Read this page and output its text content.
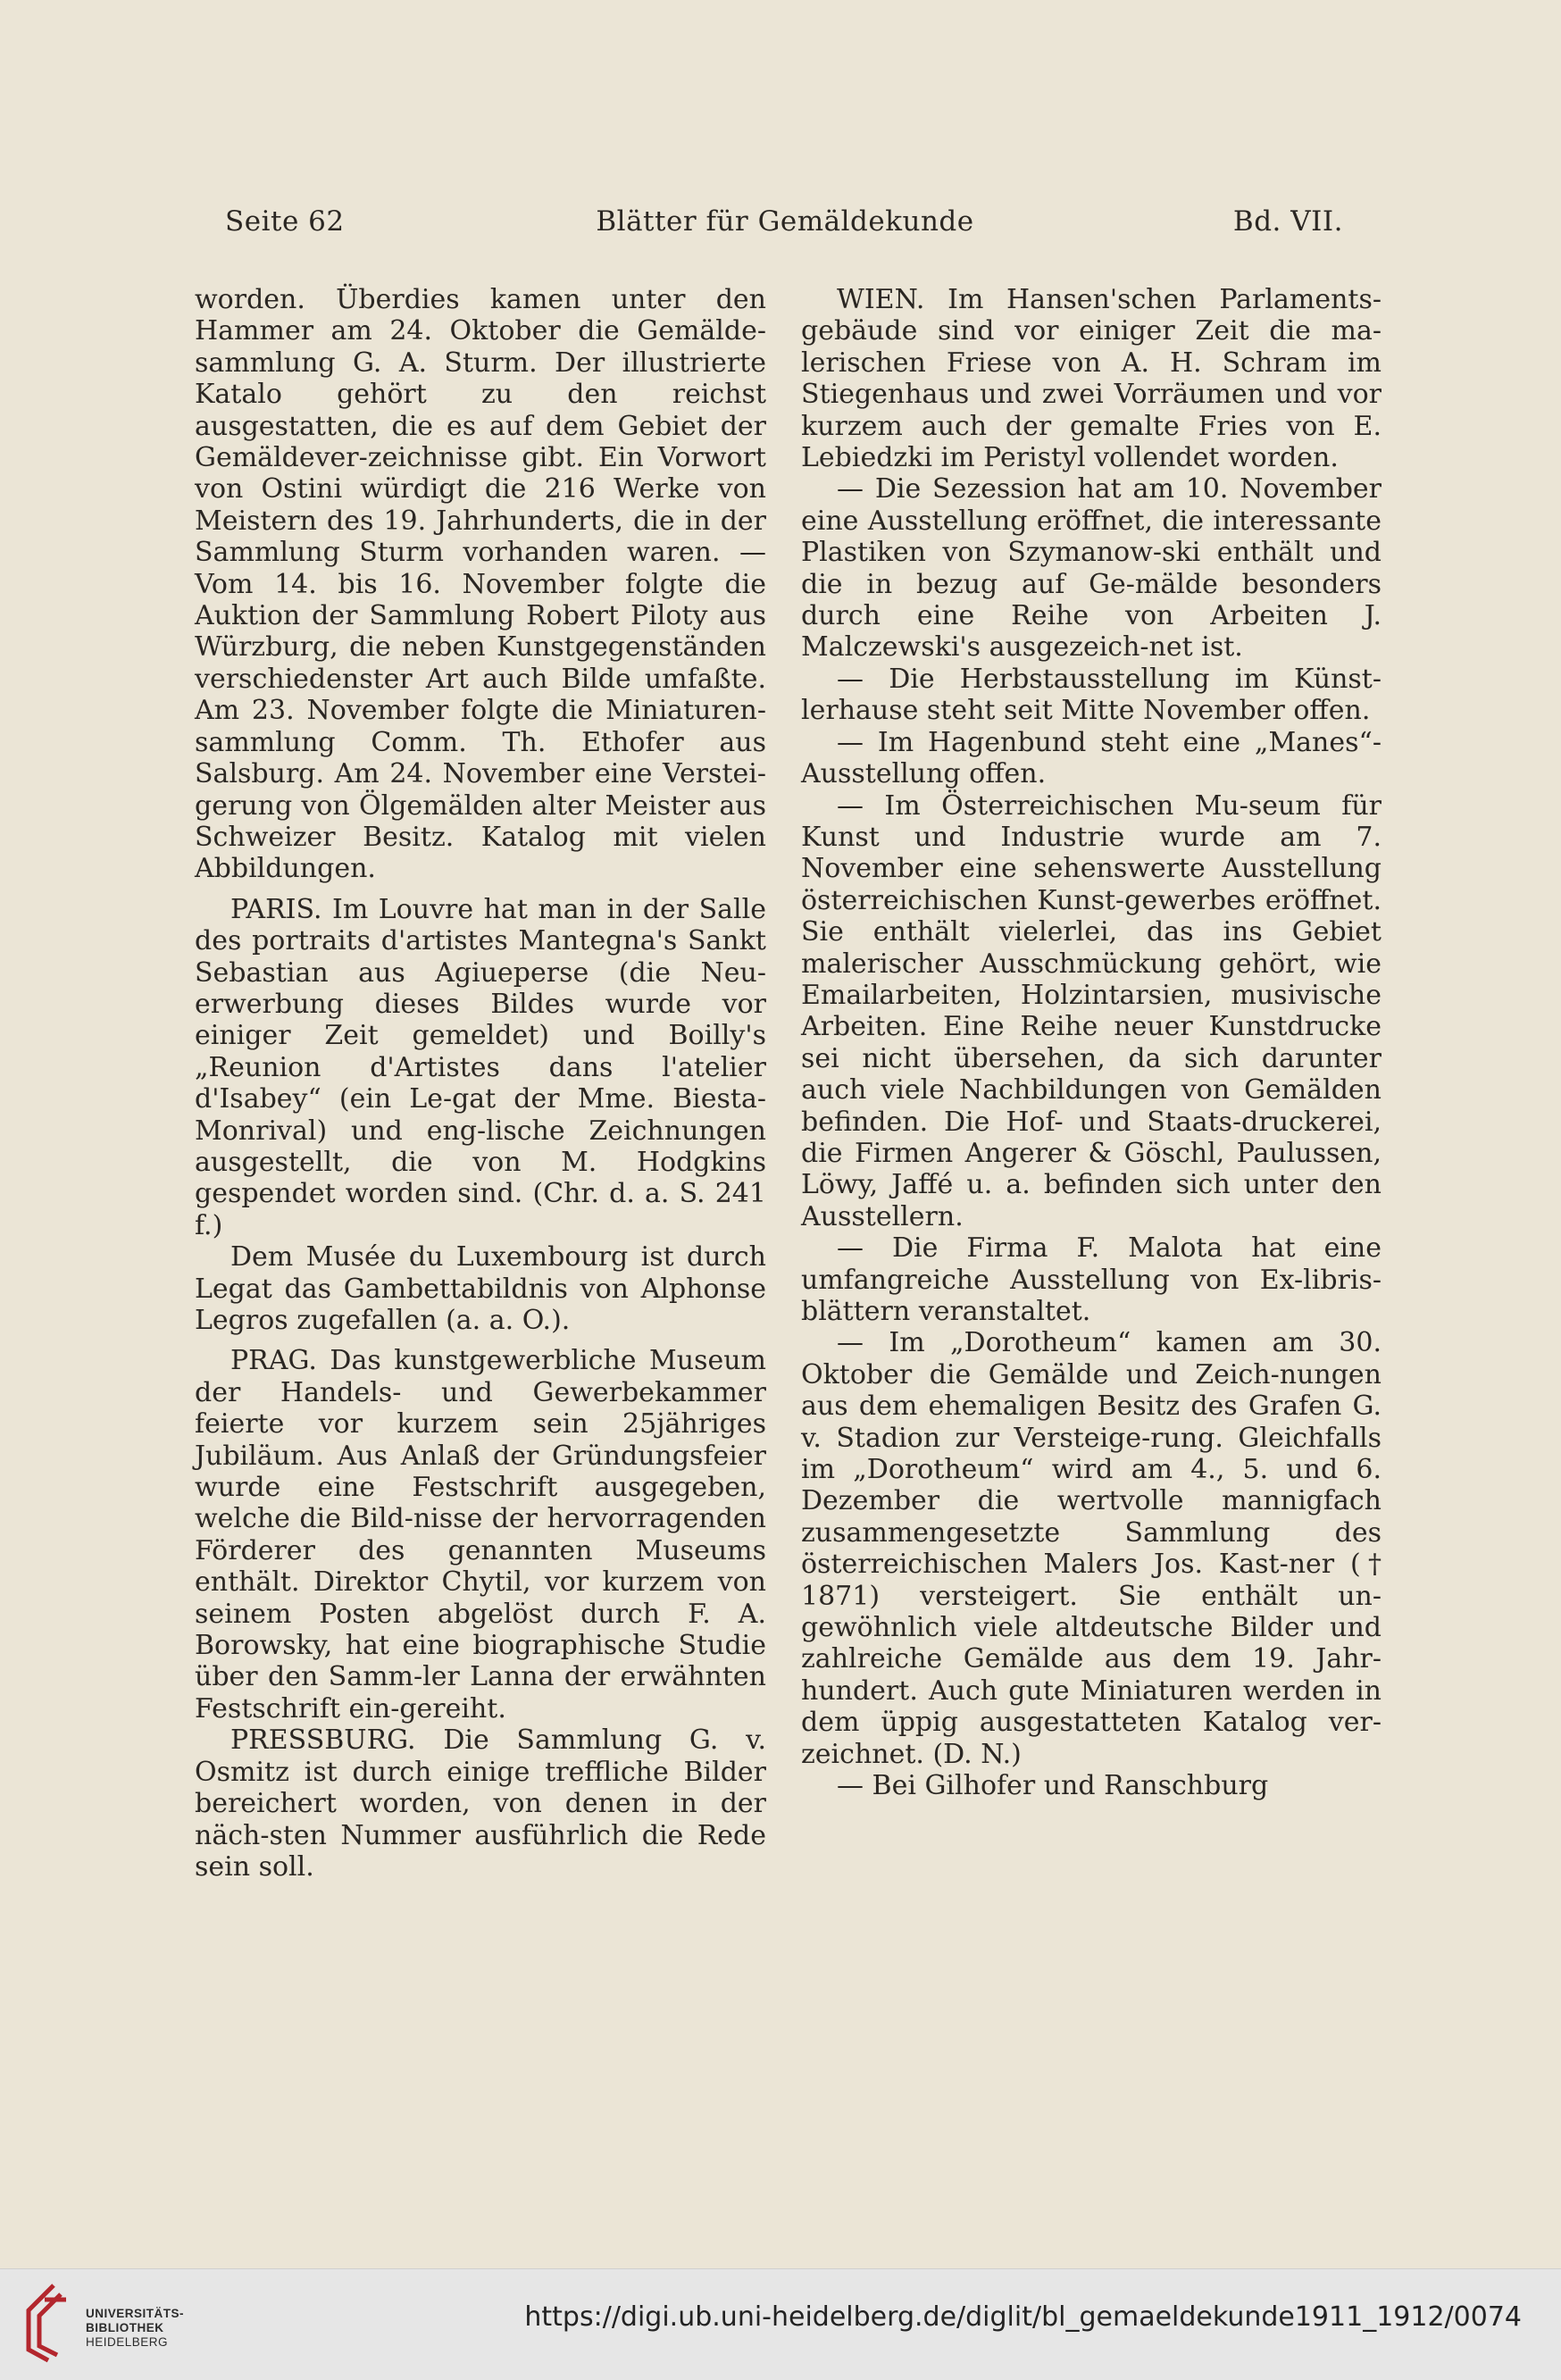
Seite 62	Blätter für Gemäldekunde	Bd. VII.

worden. Überdies kamen unter den Hammer am 24. Oktober die Gemälde-sammlung G. A. Sturm. Der illustrierte Katalo gehört zu den reichst ausgestatten, die es auf dem Gebiet der Gemäldever-zeichnisse gibt. Ein Vorwort von Ostini würdigt die 216 Werke von Meistern des 19. Jahrhunderts, die in der Sammlung Sturm vorhanden waren. — Vom 14. bis 16. November folgte die Auktion der Sammlung Robert Piloty aus Würzburg, die neben Kunstgegenständen verschiedenster Art auch Bilde umfaßte. Am 23. November folgte die Miniaturen-sammlung Comm. Th. Ethofer aus Salsburg. Am 24. November eine Verstei-gerung von Ölgemälden alter Meister aus Schweizer Besitz. Katalog mit vielen Abbildungen.

PARIS. Im Louvre hat man in der Salle des portraits d'artistes Mantegna's Sankt Sebastian aus Agiueperse (die Neu-erwerbung dieses Bildes wurde vor einiger Zeit gemeldet) und Boilly's „Reunion d'Artistes dans l'atelier d'Isabey“ (ein Le-gat der Mme. Biesta-Monrival) und eng-lische Zeichnungen ausgestellt, die von M. Hodgkins gespendet worden sind. (Chr. d. a. S. 241 f.)

Dem Musée du Luxembourg ist durch Legat das Gambettabildnis von Alphonse Legros zugefallen (a. a. O.).

PRAG. Das kunstgewerbliche Museum der Handels- und Gewerbekammer feierte vor kurzem sein 25jähriges Jubiläum. Aus Anlaß der Gründungsfeier wurde eine Festschrift ausgegeben, welche die Bild-nisse der hervorragenden Förderer des genannten Museums enthält. Direktor Chytil, vor kurzem von seinem Posten abgelöst durch F. A. Borowsky, hat eine biographische Studie über den Samm-ler Lanna der erwähnten Festschrift ein-gereiht.

PRESSBURG. Die Sammlung G. v. Osmitz ist durch einige treffliche Bilder bereichert worden, von denen in der näch-sten Nummer ausführlich die Rede sein soll.

WIEN. Im Hansen'schen Parlaments-gebäude sind vor einiger Zeit die ma-lerischen Friese von A. H. Schram im Stiegenhaus und zwei Vorräumen und vor kurzem auch der gemalte Fries von E. Lebiedzki im Peristyl vollendet worden.

— Die Sezession hat am 10. November eine Ausstellung eröffnet, die interessante Plastiken von Szymanow-ski enthält und die in bezug auf Ge-mälde besonders durch eine Reihe von Arbeiten J. Malczewski's ausgezeich-net ist.

— Die Herbstausstellung im Künst-lerhause steht seit Mitte November offen.

— Im Hagenbund steht eine „Manes“-Ausstellung offen.

— Im Österreichischen Mu-seum für Kunst und Industrie wurde am 7. November eine sehenswerte Ausstellung österreichischen Kunst-gewerbes eröffnet. Sie enthält vielerlei, das ins Gebiet malerischer Ausschmückung gehört, wie Emailarbeiten, Holzintarsien, musivische Arbeiten. Eine Reihe neuer Kunstdrucke sei nicht übersehen, da sich darunter auch viele Nachbildungen von Gemälden befinden. Die Hof- und Staats-druckerei, die Firmen Angerer & Göschl, Paulussen, Löwy, Jaffé u. a. befinden sich unter den Ausstellern.

— Die Firma F. Malota hat eine umfangreiche Ausstellung von Ex-libris-blättern veranstaltet.

— Im „Dorotheum“ kamen am 30. Oktober die Gemälde und Zeich-nungen aus dem ehemaligen Besitz des Grafen G. v. Stadion zur Versteige-rung. Gleichfalls im „Dorotheum“ wird am 4., 5. und 6. Dezember die wertvolle mannigfach zusammengesetzte Sammlung des österreichischen Malers Jos. Kast-ner († 1871) versteigert. Sie enthält un-gewöhnlich viele altdeutsche Bilder und zahlreiche Gemälde aus dem 19. Jahr-hundert. Auch gute Miniaturen werden in dem üppig ausgestatteten Katalog ver-zeichnet. (D. N.)

— Bei Gilhofer und Ranschburg

UNIVERSITÄTS-
BIBLIOTHEK
HEIDELBERG
https://digi.ub.uni-heidelberg.de/diglit/bl_gemaeldekunde1911_1912/0074
